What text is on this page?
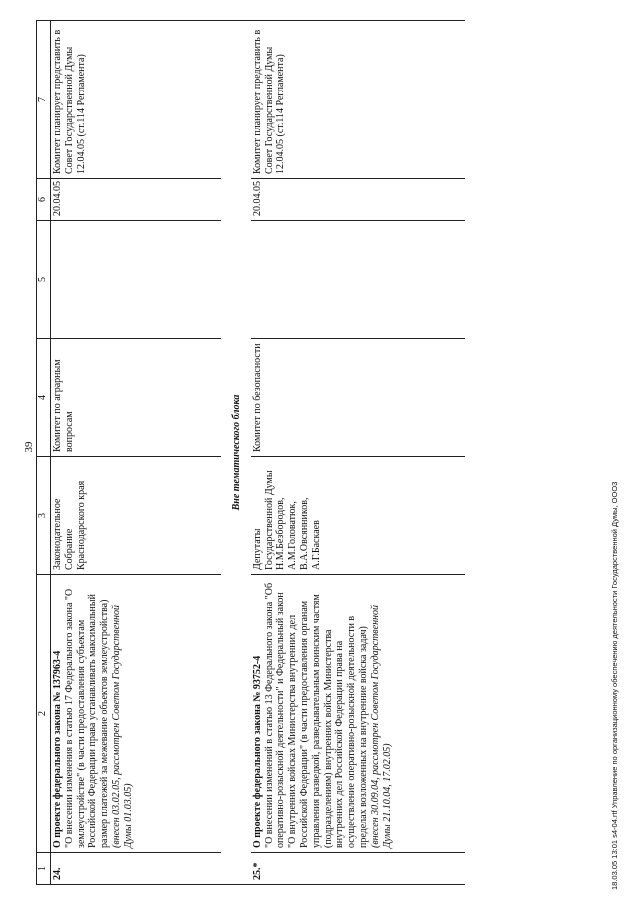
39
1	2	3	4	5	6	7
24.	О проекте федерального закона № 137963-4 "О внесении изменения в статью 17 Федерального закона "О землеустройстве" (в части предоставления субъектам Российской Федерации права устанавливать максимальный размер платежей за межевание объектов землеустройства) (внесен 03.02.05, рассмотрен Советом Государственной Думы 01.03.05)	Законодательное Собрание Краснодарского края	Комитет по аграрным вопросам		20.04.05	Комитет планирует представить в Совет Государственной Думы 12.04.05 (ст.114 Регламента)
Вне тематического блока						
25.*	О проекте федерального закона № 93752-4 "О внесении изменений в статью 13 Федерального закона "Об оперативно-розыскной деятельности" и Федеральный закон "О внутренних войсках Министерства внутренних дел Российской Федерации" (в части предоставления органам управления разведкой, разведывательным воинским частям (подразделениям) внутренних войск Министерства внутренних дел Российской Федерации права на осуществление оперативно-розыскной деятельности в пределах возложенных на внутренние войска задач) (внесен 30.09.04, рассмотрен Советом Государственной Думы 21.10.04, 17.02.05)	Депутаты Государственной Думы Н.М.Безбородов, А.М.Головатюк, В.А.Овсянников, А.Г.Баскаев	Комитет по безопасности		20.04.05	Комитет планирует представить в Совет Государственной Думы 12.04.05 (ст.114 Регламента)
18.03.05 13:01 s4-04.rtf Управление по организационному обеспечению деятельности Государственной Думы, ООО3
